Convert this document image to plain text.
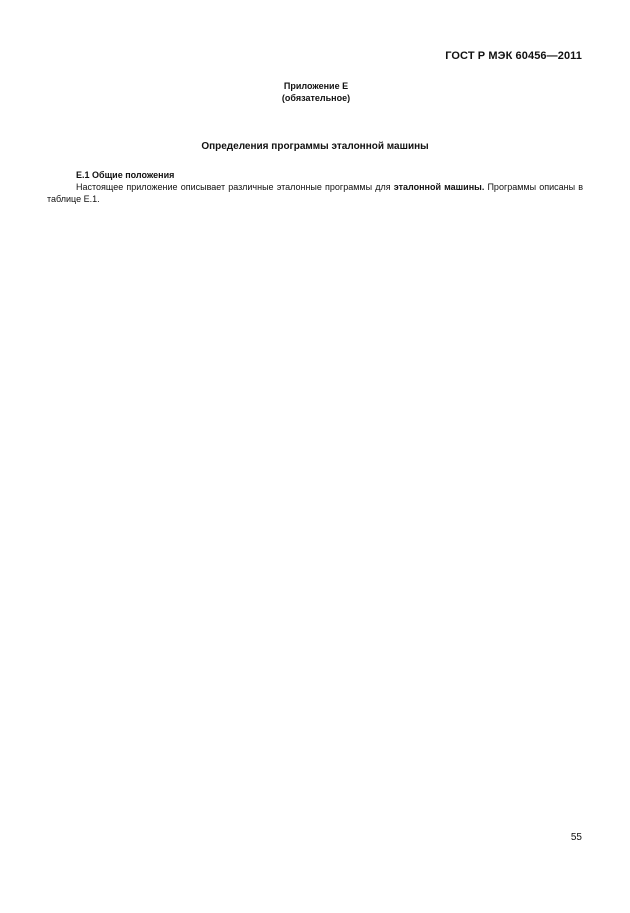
ГОСТ Р МЭК 60456—2011
Приложение Е
(обязательное)
Определения программы эталонной машины

Е.1 Общие положения

Настоящее приложение описывает различные эталонные программы для эталонной машины. Программы описаны в таблице Е.1.

55
